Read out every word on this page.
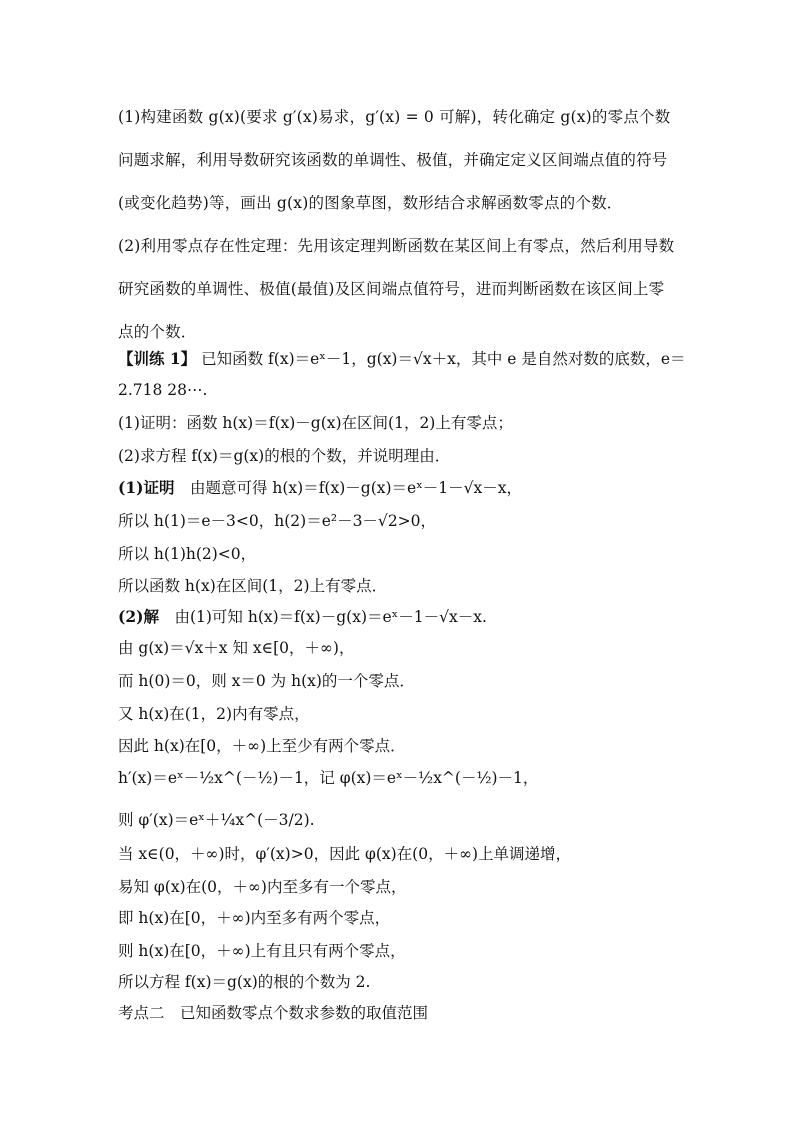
(1)构建函数 g(x)(要求 g′(x)易求，g′(x) = 0 可解)，转化确定 g(x)的零点个数问题求解，利用导数研究该函数的单调性、极值，并确定定义区间端点值的符号(或变化趋势)等，画出 g(x)的图象草图，数形结合求解函数零点的个数．

(2)利用零点存在性定理：先用该定理判断函数在某区间上有零点，然后利用导数研究函数的单调性、极值(最值)及区间端点值符号，进而判断函数在该区间上零点的个数．

【训练 1】 已知函数 f(x)＝eˣ－1，g(x)＝√x＋x，其中 e 是自然对数的底数，e＝
2.718 28⋯.
(1)证明：函数 h(x)＝f(x)－g(x)在区间(1，2)上有零点；
(2)求方程 f(x)＝g(x)的根的个数，并说明理由．
(1)证明　由题意可得 h(x)＝f(x)－g(x)＝eˣ－1－√x－x，
所以 h(1)＝e－3<0，h(2)＝e²－3－√2>0，
所以 h(1)h(2)<0，
所以函数 h(x)在区间(1，2)上有零点．
(2)解　由(1)可知 h(x)＝f(x)－g(x)＝eˣ－1－√x－x.
由 g(x)＝√x＋x 知 x∈[0，＋∞)，
而 h(0)＝0，则 x＝0 为 h(x)的一个零点．
又 h(x)在(1，2)内有零点，
因此 h(x)在[0，＋∞)上至少有两个零点．
h′(x)＝eˣ－½x^(－½)－1，记 φ(x)＝eˣ－½x^(－½)－1，
则 φ′(x)＝eˣ＋¼x^(－3/2).
当 x∈(0，＋∞)时，φ′(x)>0，因此 φ(x)在(0，＋∞)上单调递增，
易知 φ(x)在(0，＋∞)内至多有一个零点，
即 h(x)在[0，＋∞)内至多有两个零点，
则 h(x)在[0，＋∞)上有且只有两个零点，
所以方程 f(x)＝g(x)的根的个数为 2.
考点二　已知函数零点个数求参数的取值范围
